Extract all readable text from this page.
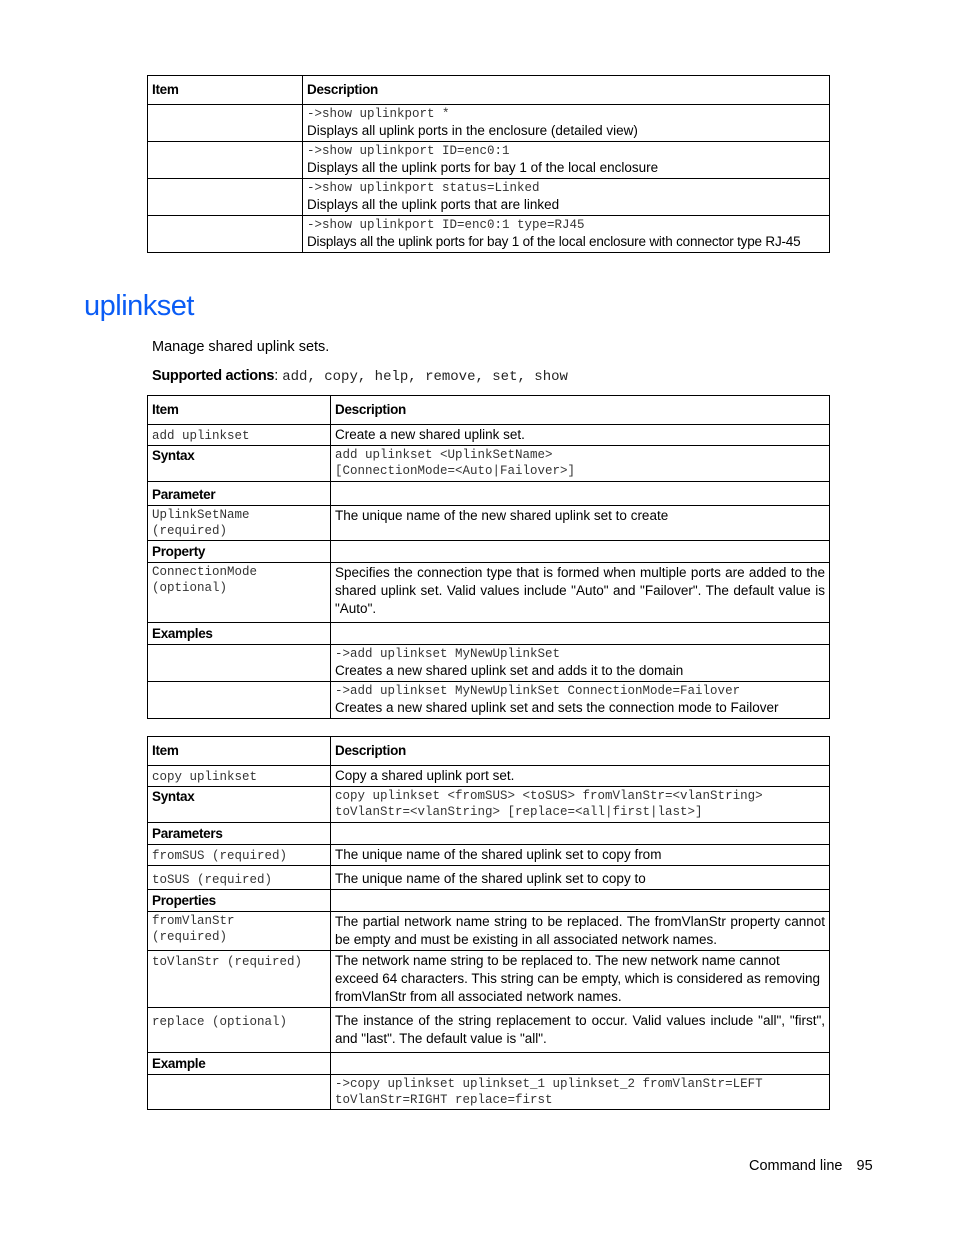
Item	Description

	->show uplinkport *
Displays all uplink ports in the enclosure (detailed view)

	->show uplinkport ID=enc0:1
Displays all the uplink ports for bay 1 of the local enclosure

	->show uplinkport status=Linked
Displays all the uplink ports that are linked

	->show uplinkport ID=enc0:1 type=RJ45
Displays all the uplink ports for bay 1 of the local enclosure with connector type RJ-45
uplinkset
Manage shared uplink sets.
Supported actions: add, copy, help, remove, set, show
Item	Description
add uplinkset	Create a new shared uplink set.
Syntax	add uplinkset <UplinkSetName>
[ConnectionMode=<Auto|Failover>]

Parameter	

UplinkSetName
(required)	The unique name of the new shared uplink set to create
Property	

ConnectionMode
(optional)	Specifies the connection type that is formed when multiple ports are added to the shared uplink set. Valid values include "Auto" and "Failover". The default value is "Auto".
Examples	

	->add uplinkset MyNewUplinkSet
Creates a new shared uplink set and adds it to the domain

	->add uplinkset MyNewUplinkSet ConnectionMode=Failover
Creates a new shared uplink set and sets the connection mode to Failover
Item	Description
copy uplinkset	Copy a shared uplink port set.
Syntax	copy uplinkset <fromSUS> <toSUS> fromVlanStr=<vlanString>
toVlanStr=<vlanString> [replace=<all|first|last>]

Parameters	
fromSUS (required)	The unique name of the shared uplink set to copy from
toSUS (required)	The unique name of the shared uplink set to copy to
Properties	

fromVlanStr
(required)	The partial network name string to be replaced. The fromVlanStr property cannot be empty and must be existing in all associated network names.
toVlanStr (required)	The network name string to be replaced to. The new network name cannot exceed 64 characters. This string can be empty, which is considered as removing fromVlanStr from all associated network names.
replace (optional)	The instance of the string replacement to occur. Valid values include "all", "first", and "last". The default value is "all".
Example	

	->copy uplinkset uplinkset_1 uplinkset_2 fromVlanStr=LEFT
toVlanStr=RIGHT replace=first
Command line 95
